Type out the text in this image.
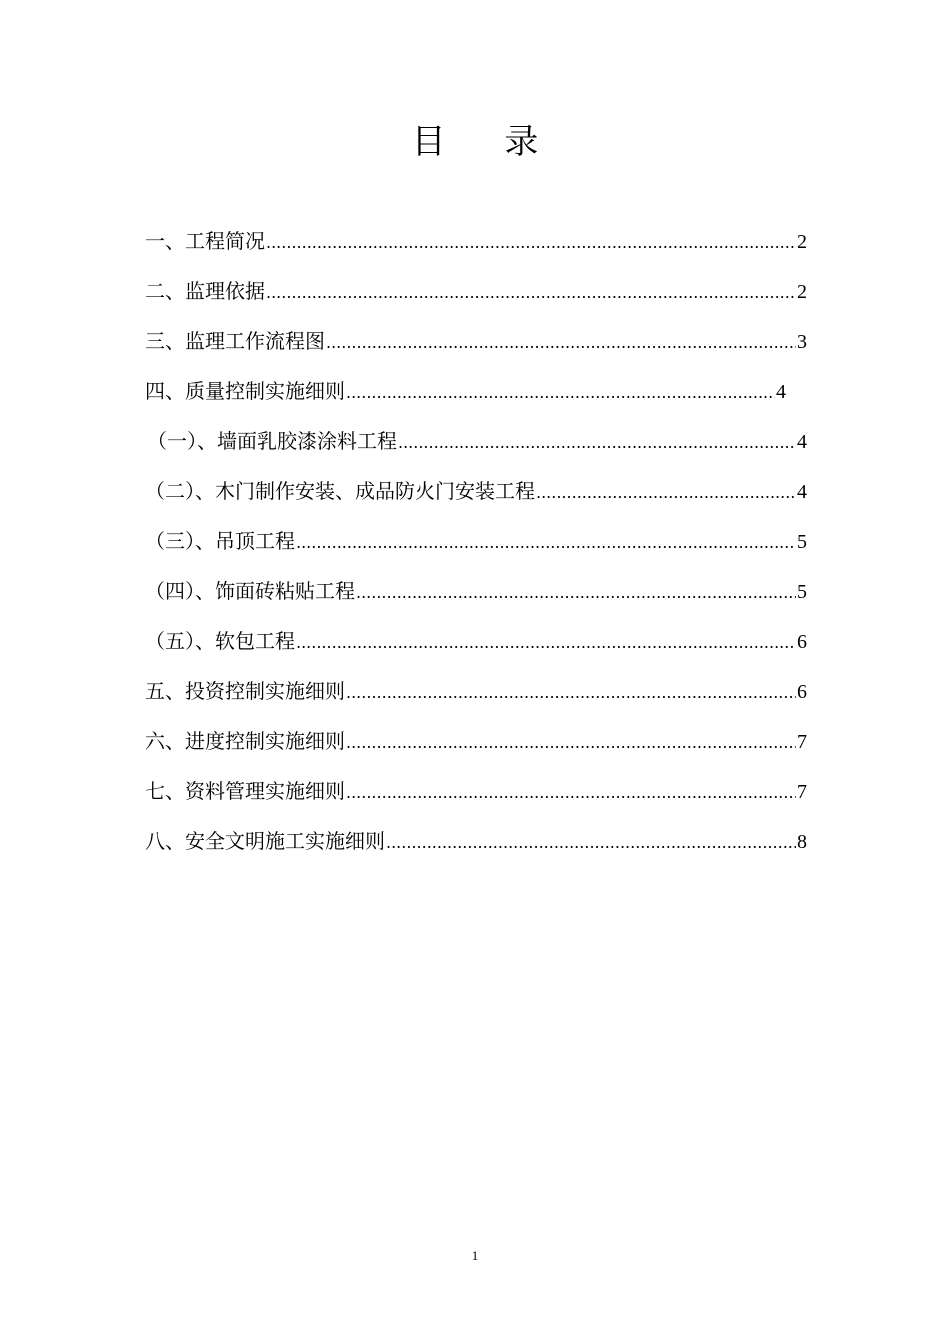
目 录
一、工程简况 .....	2
二、监理依据 .....	2
三、监理工作流程图 .....	3
四、质量控制实施细则 .....	4
（一）、墙面乳胶漆涂料工程 .....	4
（二）、木门制作安装、成品防火门安装工程 .....	4
（三）、吊顶工程 .....	5
（四）、饰面砖粘贴工程 .....	5
（五）、软包工程 .....	6
五、投资控制实施细则 .....	6
六、进度控制实施细则 .....	7
七、资料管理实施细则 .....	7
八、安全文明施工实施细则 .....	8
1
